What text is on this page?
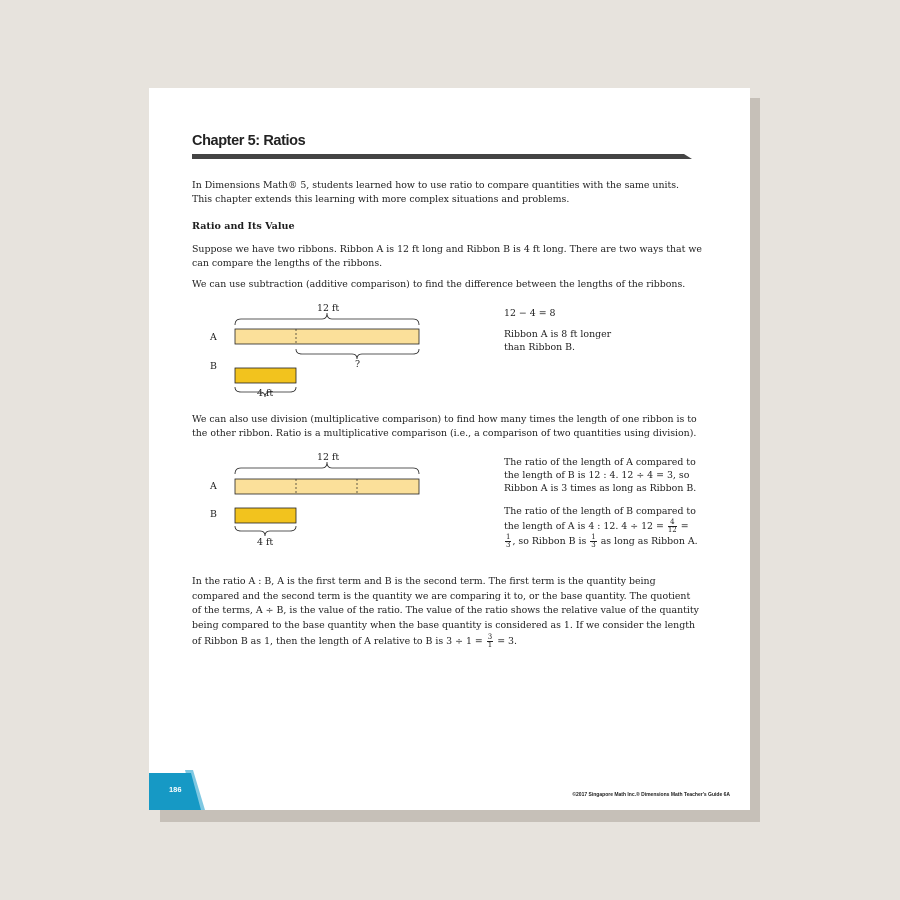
Chapter 5: Ratios
In Dimensions Math® 5, students learned how to use ratio to compare quantities with the same units. This chapter extends this learning with more complex situations and problems.
Ratio and Its Value
Suppose we have two ribbons. Ribbon A is 12 ft long and Ribbon B is 4 ft long. There are two ways that we can compare the lengths of the ribbons.
We can use subtraction (additive comparison) to find the difference between the lengths of the ribbons.
12 ft
A
B	?
4 ft
12 − 4 = 8
Ribbon A is 8 ft longer than Ribbon B.
We can also use division (multiplicative comparison) to find how many times the length of one ribbon is to the other ribbon. Ratio is a multiplicative comparison (i.e., a comparison of two quantities using division).
12 ft
A
B
4 ft
The ratio of the length of A compared to the length of B is 12 : 4. 12 ÷ 4 = 3, so Ribbon A is 3 times as long as Ribbon B.
The ratio of the length of B compared to the length of A is 4 : 12. $4 \div 12 = \frac{4}{12}$ =
$\frac{1}{3}$ , so Ribbon B is $\frac{1}{3}$ as long as Ribbon A.
In the ratio A : B, A is the first term and B is the second term. The first term is the quantity being compared and the second term is the quantity we are comparing it to, or the base quantity. The quotient of the terms, A ÷ B, is the value of the ratio. The value of the ratio shows the relative value of the quantity being compared to the base quantity when the base quantity is considered as 1. If we consider the length of Ribbon B as 1, then the length of A relative to B is $3 \div 1 = \frac{3}{1} = 3$.
186
©2017 Singapore Math Inc.® Dimensions Math Teacher's Guide 6A
